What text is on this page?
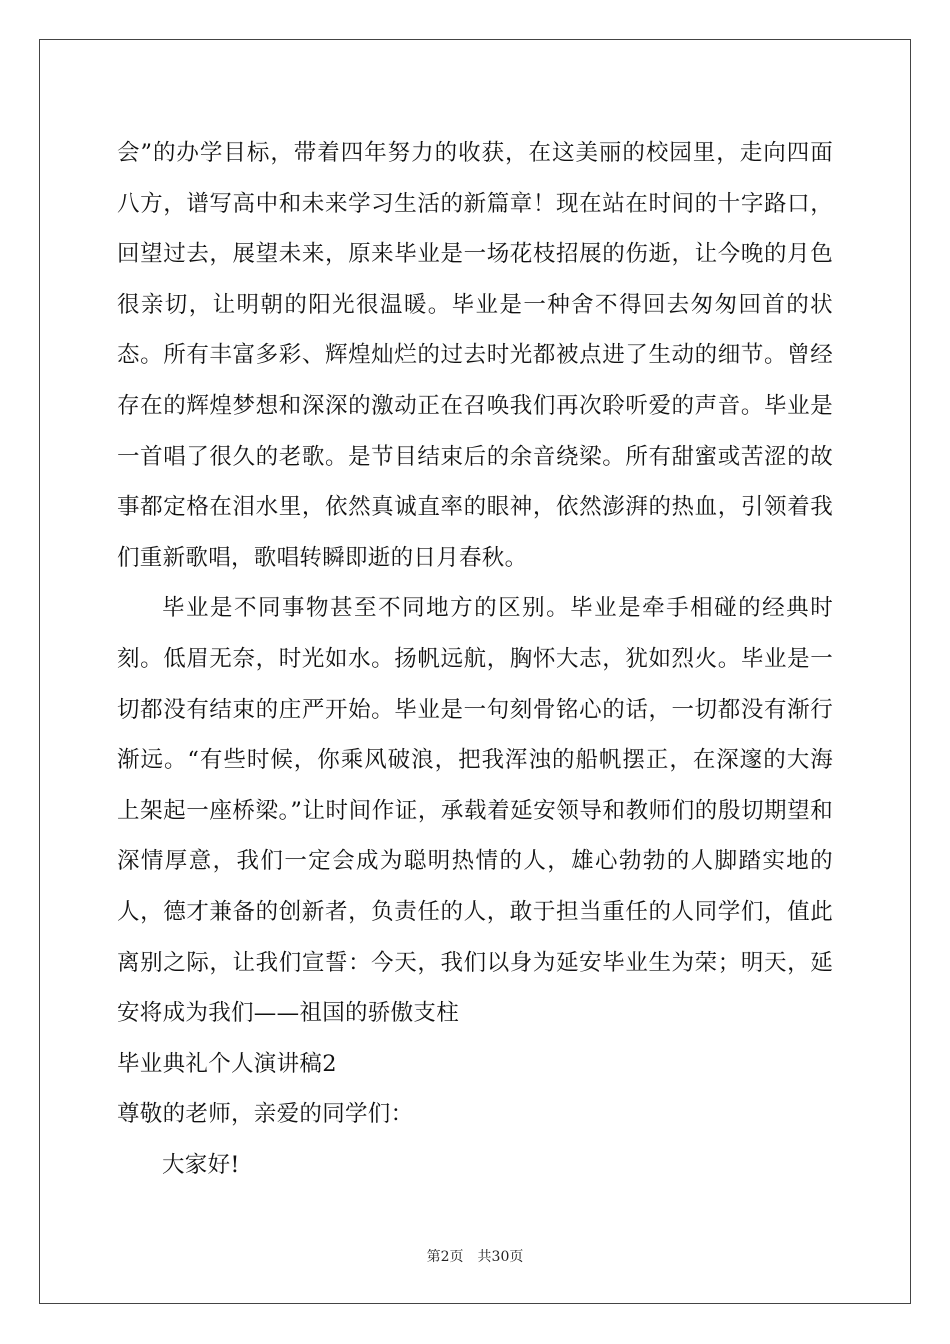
会”的办学目标，带着四年努力的收获，在这美丽的校园里，走向四面八方，谱写高中和未来学习生活的新篇章！现在站在时间的十字路口，回望过去，展望未来，原来毕业是一场花枝招展的伤逝，让今晚的月色很亲切，让明朝的阳光很温暖。毕业是一种舍不得回去匆匆回首的状态。所有丰富多彩、辉煌灿烂的过去时光都被点进了生动的细节。曾经存在的辉煌梦想和深深的激动正在召唤我们再次聆听爱的声音。毕业是一首唱了很久的老歌。是节目结束后的余音绕梁。所有甜蜜或苦涩的故事都定格在泪水里，依然真诚直率的眼神，依然澎湃的热血，引领着我们重新歌唱，歌唱转瞬即逝的日月春秋。

毕业是不同事物甚至不同地方的区别。毕业是牵手相碰的经典时刻。低眉无奈，时光如水。扬帆远航，胸怀大志，犹如烈火。毕业是一切都没有结束的庄严开始。毕业是一句刻骨铭心的话，一切都没有渐行渐远。“有些时候，你乘风破浪，把我浑浊的船帆摆正，在深邃的大海上架起一座桥梁。”让时间作证，承载着延安领导和教师们的殷切期望和深情厚意，我们一定会成为聪明热情的人，雄心勃勃的人脚踏实地的人，德才兼备的创新者，负责任的人，敢于担当重任的人同学们，值此离别之际，让我们宣誓：今天，我们以身为延安毕业生为荣；明天，延安将成为我们——祖国的骄傲支柱

毕业典礼个人演讲稿2

尊敬的老师，亲爱的同学们：

大家好!

第2页　共30页
